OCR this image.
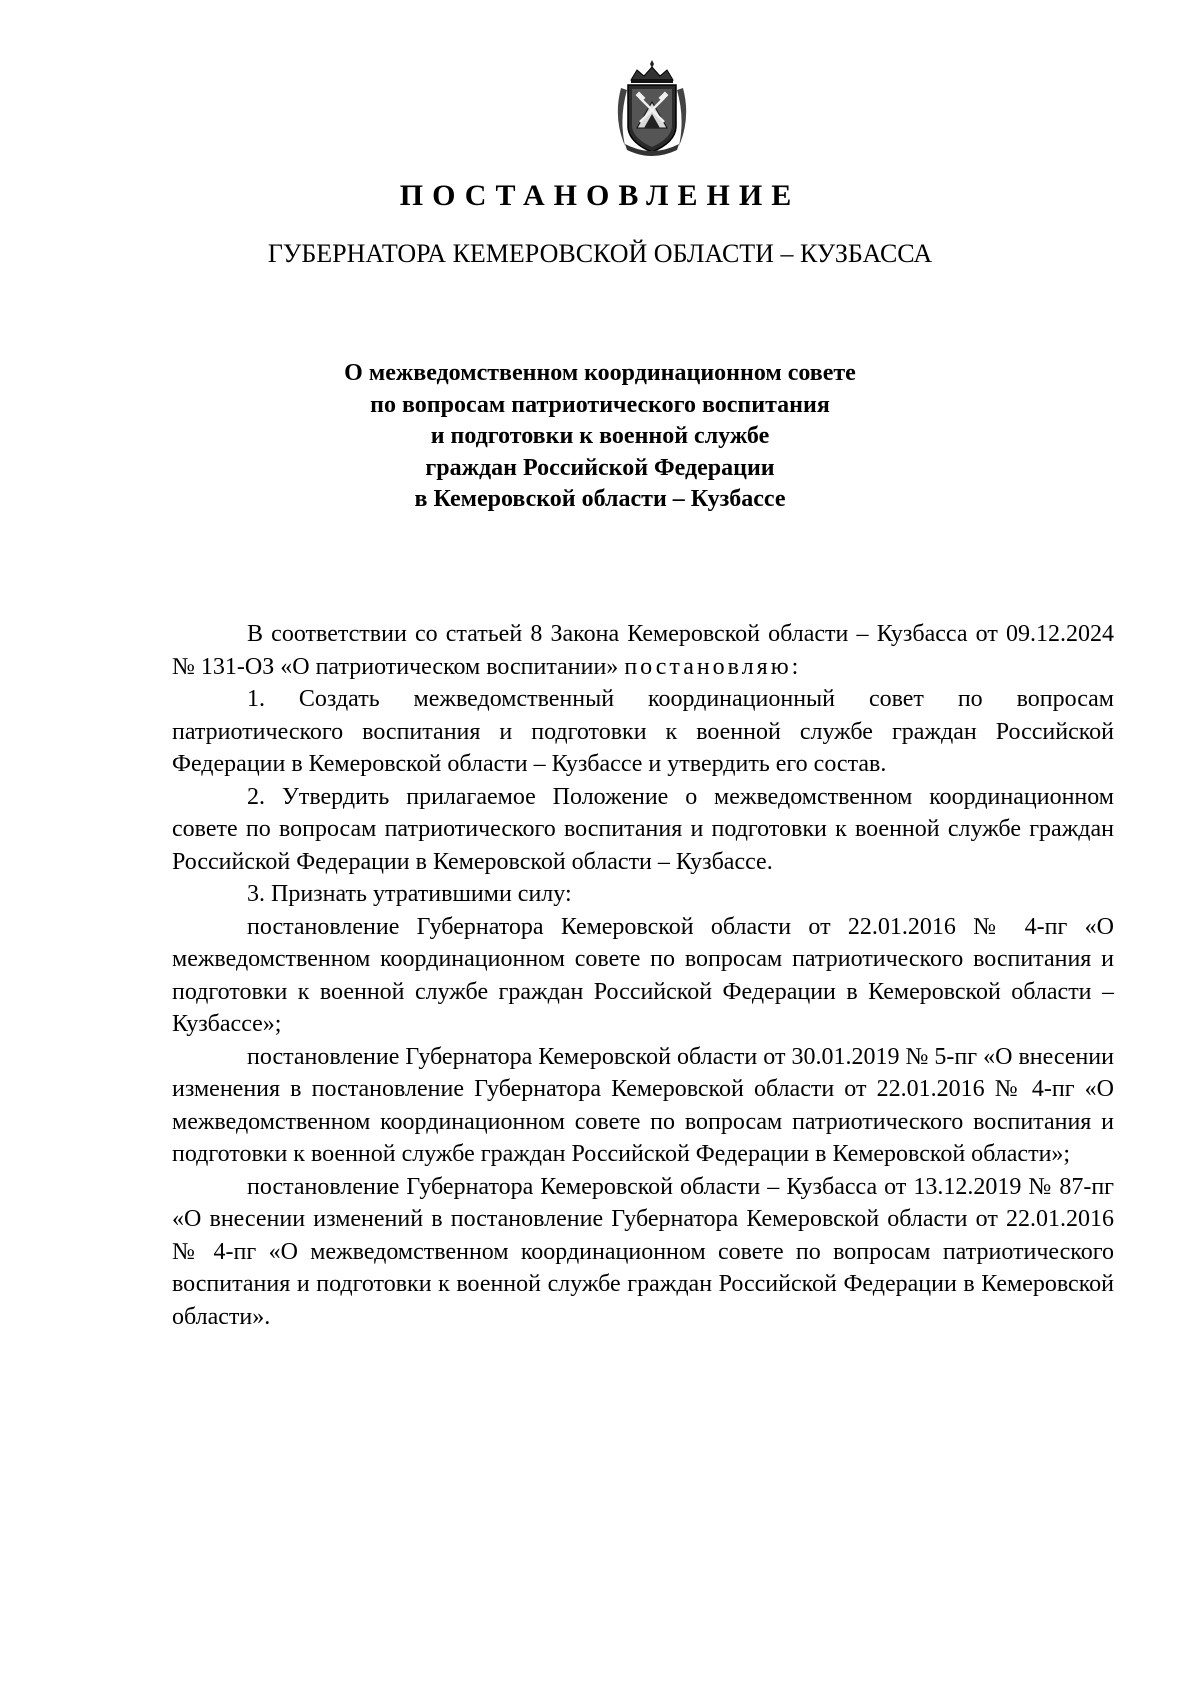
ПОСТАНОВЛЕНИЕ
ГУБЕРНАТОРА КЕМЕРОВСКОЙ ОБЛАСТИ – КУЗБАССА
О межведомственном координационном совете
по вопросам патриотического воспитания
и подготовки к военной службе
граждан Российской Федерации
в Кемеровской области – Кузбассе

В соответствии со статьей 8 Закона Кемеровской области – Кузбасса от 09.12.2024 № 131-ОЗ «О патриотическом воспитании» постановляю:

1. Создать межведомственный координационный совет по вопросам патриотического воспитания и подготовки к военной службе граждан Российской Федерации в Кемеровской области – Кузбассе и утвердить его состав.

2. Утвердить прилагаемое Положение о межведомственном координационном совете по вопросам патриотического воспитания и подготовки к военной службе граждан Российской Федерации в Кемеровской области – Кузбассе.

3. Признать утратившими силу:

постановление Губернатора Кемеровской области от 22.01.2016 № 4-пг «О межведомственном координационном совете по вопросам патриотического воспитания и подготовки к военной службе граждан Российской Федерации в Кемеровской области – Кузбассе»;

постановление Губернатора Кемеровской области от 30.01.2019 № 5-пг «О внесении изменения в постановление Губернатора Кемеровской области от 22.01.2016 № 4-пг «О межведомственном координационном совете по вопросам патриотического воспитания и подготовки к военной службе граждан Российской Федерации в Кемеровской области»;

постановление Губернатора Кемеровской области – Кузбасса от 13.12.2019 № 87-пг «О внесении изменений в постановление Губернатора Кемеровской области от 22.01.2016 № 4-пг «О межведомственном координационном совете по вопросам патриотического воспитания и подготовки к военной службе граждан Российской Федерации в Кемеровской области».
